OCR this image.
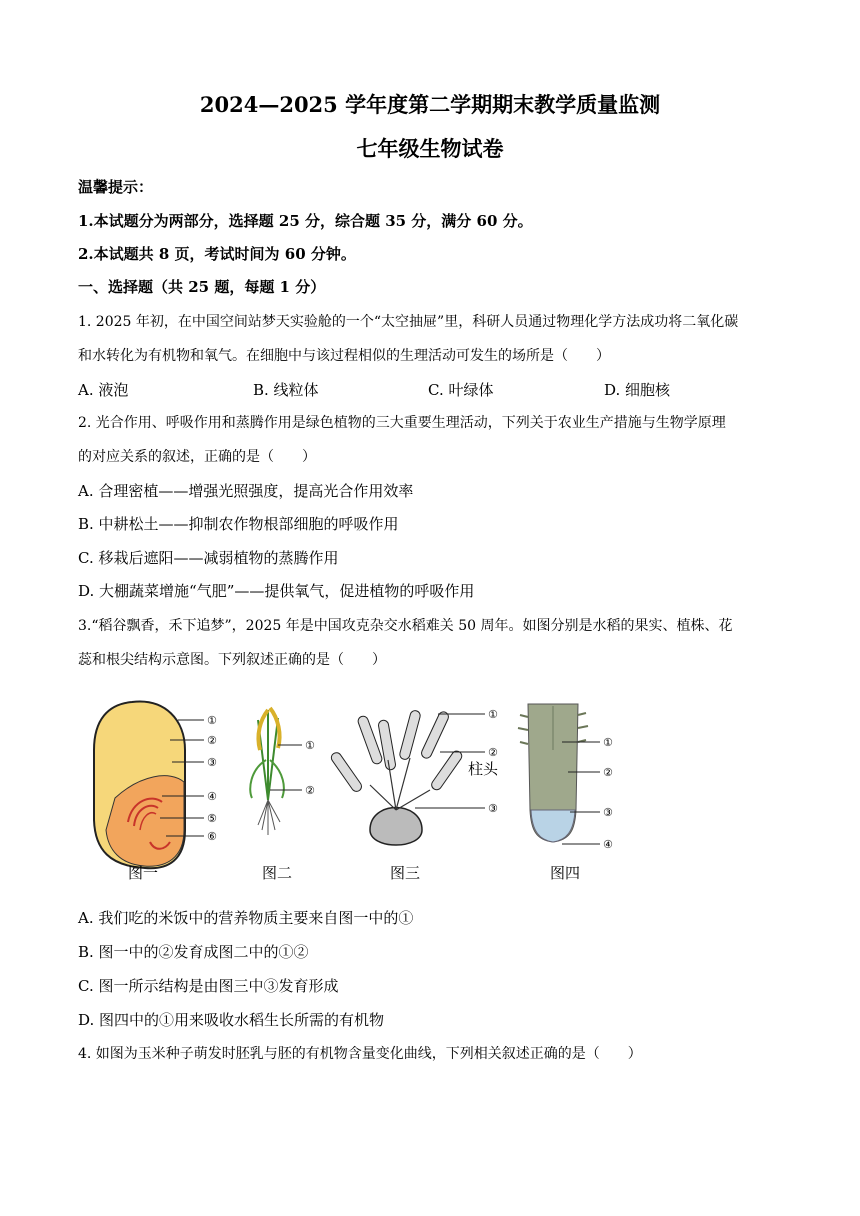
2024—2025 学年度第二学期期末教学质量监测
七年级生物试卷
温馨提示：
1.本试题分为两部分，选择题 25 分，综合题 35 分，满分 60 分。
2.本试题共 8 页，考试时间为 60 分钟。
一、选择题（共 25 题，每题 1 分）
1. 2025 年初，在中国空间站梦天实验舱的一个“太空抽屉”里，科研人员通过物理化学方法成功将二氧化碳
和水转化为有机物和氧气。在细胞中与该过程相似的生理活动可发生的场所是（　　）
A. 液泡	B. 线粒体	C. 叶绿体	D. 细胞核
2. 光合作用、呼吸作用和蒸腾作用是绿色植物的三大重要生理活动，下列关于农业生产措施与生物学原理
的对应关系的叙述，正确的是（　　）
A. 合理密植——增强光照强度，提高光合作用效率
B. 中耕松土——抑制农作物根部细胞的呼吸作用
C. 移栽后遮阳——减弱植物的蒸腾作用
D. 大棚蔬菜增施“气肥”——提供氧气，促进植物的呼吸作用
3.“稻谷飘香，禾下追梦”，2025 年是中国攻克杂交水稻难关 50 周年。如图分别是水稻的果实、植株、花
蕊和根尖结构示意图。下列叙述正确的是（　　）
图一
①
②
③
④
⑤
⑥
①
②
图二
①
②
柱头
③
图三
①
②
③
④
图四
A. 我们吃的米饭中的营养物质主要来自图一中的①
B. 图一中的②发育成图二中的①②
C. 图一所示结构是由图三中③发育形成
D. 图四中的①用来吸收水稻生长所需的有机物
4. 如图为玉米种子萌发时胚乳与胚的有机物含量变化曲线，下列相关叙述正确的是（　　）
